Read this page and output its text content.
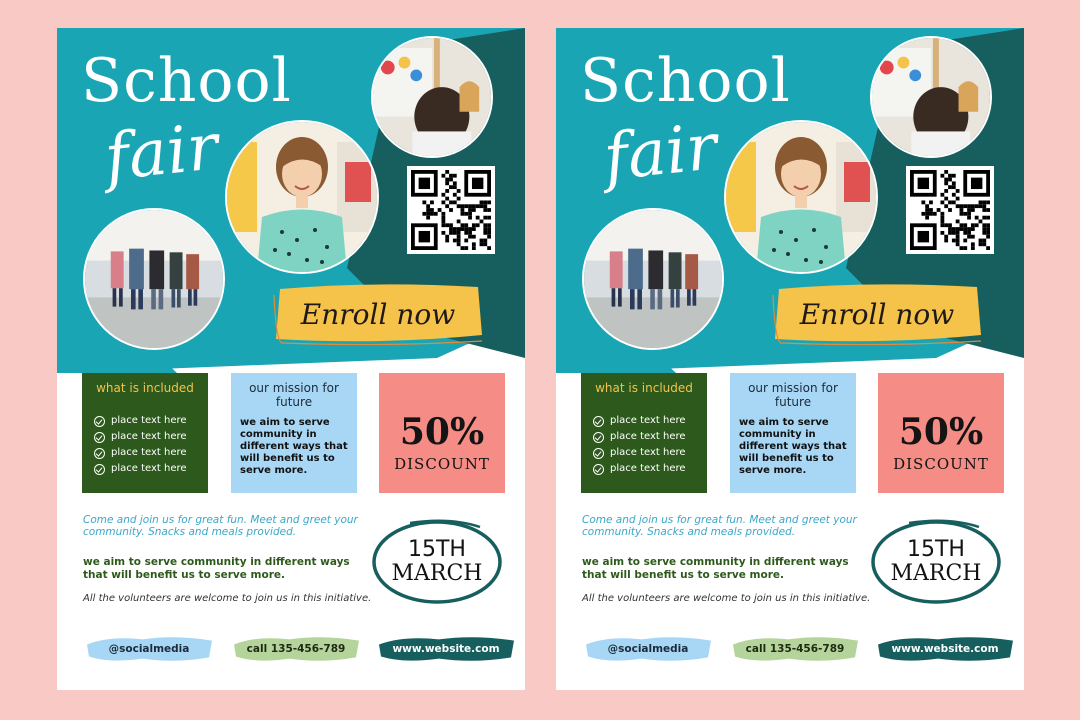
School
fair
Enroll now
what is included
place text here
place text here
place text here
place text here
our mission for future
we aim to serve community in different ways that will benefit us to serve more.
50%
DISCOUNT
Come and join us for great fun. Meet and greet your community. Snacks and meals provided.
we aim to serve community in different ways that will benefit us to serve more.
All the volunteers are welcome to join us in this initiative.
15TH
MARCH
@socialmedia	call 135-456-789	www.website.com
School
fair
Enroll now
what is included
place text here
place text here
place text here
place text here
our mission for future
we aim to serve community in different ways that will benefit us to serve more.
50%
DISCOUNT
Come and join us for great fun. Meet and greet your community. Snacks and meals provided.
we aim to serve community in different ways that will benefit us to serve more.
All the volunteers are welcome to join us in this initiative.
15TH
MARCH
@socialmedia	call 135-456-789	www.website.com
